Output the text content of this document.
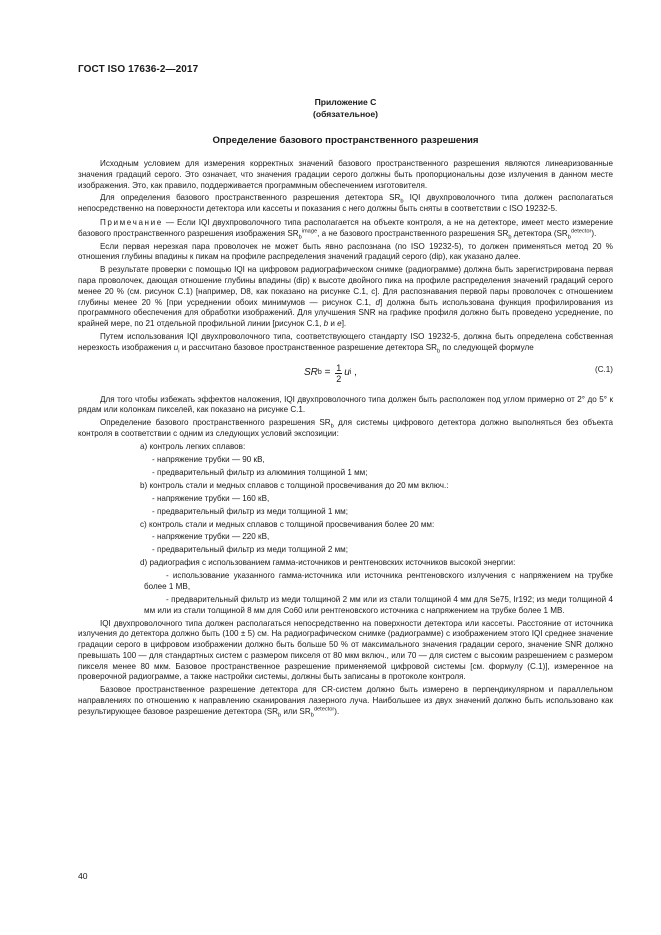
ГОСТ ISO 17636-2—2017
Приложение С
(обязательное)
Определение базового пространственного разрешения

Исходным условием для измерения корректных значений базового пространственного разрешения являются линеаризованные значения градаций серого. Это означает, что значения градации серого должны быть пропорциональны дозе излучения в данном месте изображения. Это, как правило, поддерживается программным обеспечением изготовителя.

Для определения базового пространственного разрешения детектора $SR_b$ IQI двухпроволочного типа должен располагаться непосредственно на поверхности детектора или кассеты и показания с него должны быть сняты в соответствии с ISO 19232-5.

Примечание — Если IQI двухпроволочного типа располагается на объекте контроля, а не на детекторе, имеет место измерение базового пространственного разрешения изображения $SR_b^{image}$, а не базового пространственного разрешения $SR_b$ детектора $(SR_b^{detector})$.

Если первая нерезкая пара проволочек не может быть явно распознана (по ISO 19232-5), то должен применяться метод 20 % отношения глубины впадины к пикам на профиле распределения значений градаций серого (dip), как указано далее.

В результате проверки с помощью IQI на цифровом радиографическом снимке (радиограмме) должна быть зарегистрирована первая пара проволочек, дающая отношение глубины впадины (dip) к высоте двойного пика на профиле распределения значений градаций серого менее 20 % (см. рисунок С.1) [например, D8, как показано на рисунке С.1, с]. Для распознавания первой пары проволочек с отношением глубины менее 20 % [при усреднении обоих минимумов — рисунок С.1, d] должна быть использована функция профилирования из программного обеспечения для обработки изображений. Для улучшения SNR на графике профиля должно быть проведено усреднение, по крайней мере, по 21 отдельной профильной линии [рисунок С.1, b и e].

Путем использования IQI двухпроволочного типа, соответствующего стандарту ISO 19232-5, должна быть определена собственная нерезкость изображения $u_i$ и рассчитано базовое пространственное разрешение детектора $SR_b$ по следующей формуле

SR $b = \frac{1}{2}$ u i ,	(С.1)

Для того чтобы избежать эффектов наложения, IQI двухпроволочного типа должен быть расположен под углом примерно от 2° до 5° к рядам или колонкам пикселей, как показано на рисунке С.1.

Определение базового пространственного разрешения $SR_b$ для системы цифрового детектора должно выполняться без объекта контроля в соответствии с одним из следующих условий экспозиции:

a) контроль легких сплавов:

- напряжение трубки — 90 кВ,

- предварительный фильтр из алюминия толщиной 1 мм;

b) контроль стали и медных сплавов с толщиной просвечивания до 20 мм включ.:

- напряжение трубки — 160 кВ,

- предварительный фильтр из меди толщиной 1 мм;

с) контроль стали и медных сплавов с толщиной просвечивания более 20 мм:

- напряжение трубки — 220 кВ,

- предварительный фильтр из меди толщиной 2 мм;

d) радиография с использованием гамма-источников и рентгеновских источников высокой энергии:

- использование указанного гамма-источника или источника рентгеновского излучения с напряжением на трубке более 1 МВ,

- предварительный фильтр из меди толщиной 2 мм или из стали толщиной 4 мм для Se75, Ir192; из меди толщиной 4 мм или из стали толщиной 8 мм для Co60 или рентгеновского источника с напряжением на трубке более 1 МВ.

IQI двухпроволочного типа должен располагаться непосредственно на поверхности детектора или кассеты. Расстояние от источника излучения до детектора должно быть (100 ± 5) см. На радиографическом снимке (радиограмме) с изображением этого IQI среднее значение градации серого в цифровом изображении должно быть больше 50 % от максимального значения градации серого, значение SNR должно превышать 100 — для стандартных систем с размером пикселя от 80 мкм включ., или 70 — для систем с высоким разрешением с размером пикселя менее 80 мкм. Базовое пространственное разрешение применяемой цифровой системы [см. формулу (С.1)], измеренное на проверочной радиограмме, а также настройки системы, должны быть записаны в протоколе контроля.

Базовое пространственное разрешение детектора для CR-систем должно быть измерено в перпендикулярном и параллельном направлениях по отношению к направлению сканирования лазерного луча. Наибольшее из двух значений должно быть использовано как результирующее базовое разрешение детектора ($SR_b$ или $SR_b^{detector}$).

40
